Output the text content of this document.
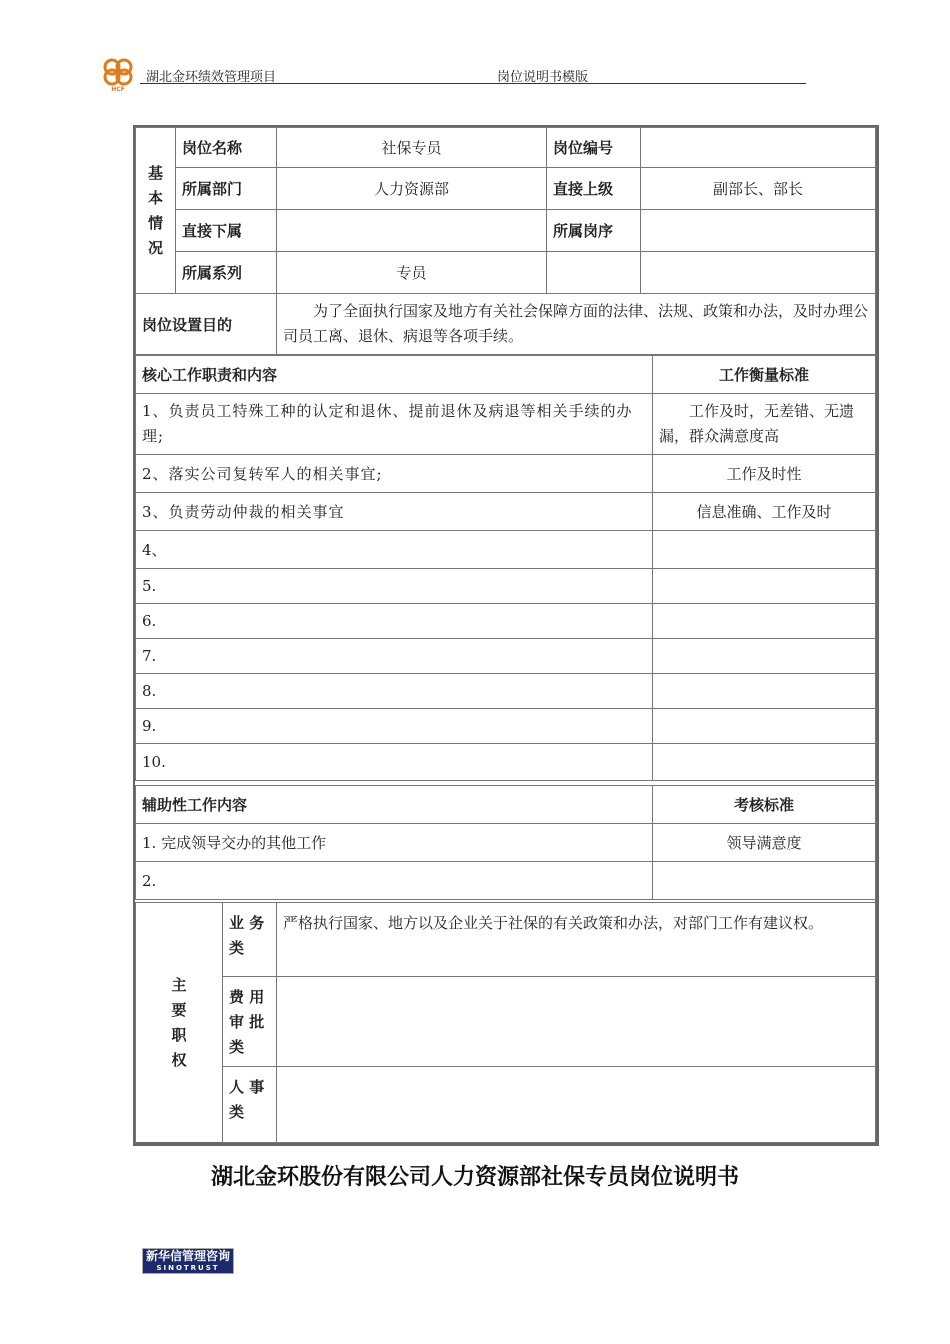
HCF
湖北金环绩效管理项目	岗位说明书模版
基
本
情
况	岗位名称	社保专员	岗位编号	
	所属部门	人力资源部	直接上级	副部长、部长
	直接下属		所属岗序	
	所属系列	专员		
岗位设置目的	为了全面执行国家及地方有关社会保障方面的法律、法规、政策和办法，及时办理公司员工离、退休、病退等各项手续。
核心工作职责和内容	工作衡量标准
1、负责员工特殊工种的认定和退休、提前退休及病退等相关手续的办理;	工作及时，无差错、无遗漏，群众满意度高
2、落实公司复转军人的相关事宜;	工作及时性
3、负责劳动仲裁的相关事宜	信息准确、工作及时
4、	
5.	
6.	
7.	
8.	
9.	
10.	
辅助性工作内容	考核标准
1. 完成领导交办的其他工作	领导满意度
2.	
主
要
职
权	业 务
类	严格执行国家、地方以及企业关于社保的有关政策和办法，对部门工作有建议权。

	费 用
审 批
类	

	人 事
类	

湖北金环股份有限公司人力资源部社保专员岗位说明书
新华信管理咨询
SINOTRUST
